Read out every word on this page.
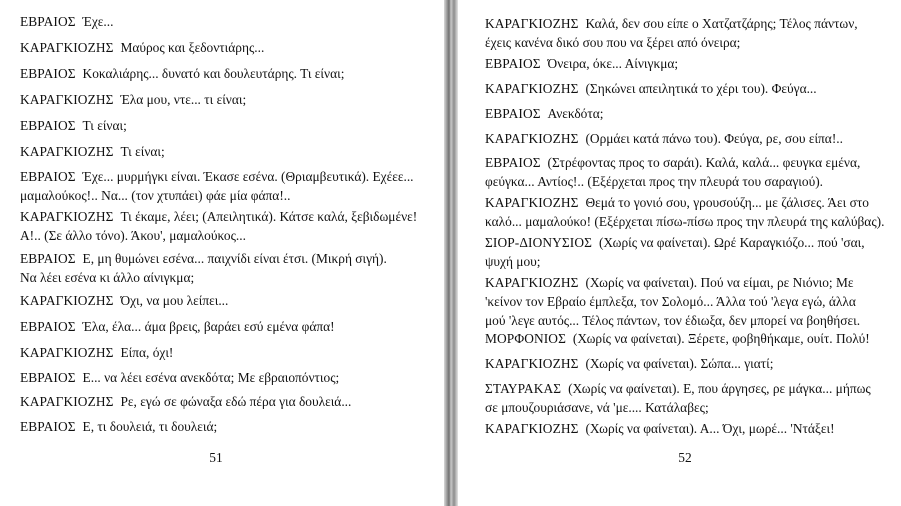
ΕΒΡΑΙΟΣ Έχε...
ΚΑΡΑΓΚΙΟΖΗΣ Μαύρος και ξεδοντιάρης...
ΕΒΡΑΙΟΣ Κοκαλιάρης... δυνατό και δουλευτάρης. Τι είναι;
ΚΑΡΑΓΚΙΟΖΗΣ Έλα μου, ντε... τι είναι;
ΕΒΡΑΙΟΣ Τι είναι;
ΚΑΡΑΓΚΙΟΖΗΣ Τι είναι;
ΕΒΡΑΙΟΣ Έχε... μυρμήγκι είναι. Έκασε εσένα. (Θριαμβευτικά). Εχέεε...
μαμαλούκος!.. Να... (τον χτυπάει) φάε μία φάπα!..
ΚΑΡΑΓΚΙΟΖΗΣ Τι έκαμε, λέει; (Απειλητικά). Κάτσε καλά, ξεβιδωμένε!
Α!.. (Σε άλλο τόνο). Άκου', μαμαλούκος...
ΕΒΡΑΙΟΣ Ε, μη θυμώνει εσένα... παιχνίδι είναι έτσι. (Μικρή σιγή).
Να λέει εσένα κι άλλο αίνιγκμα;
ΚΑΡΑΓΚΙΟΖΗΣ Όχι, να μου λείπει...
ΕΒΡΑΙΟΣ Έλα, έλα... άμα βρεις, βαράει εσύ εμένα φάπα!
ΚΑΡΑΓΚΙΟΖΗΣ Είπα, όχι!
ΕΒΡΑΙΟΣ Ε... να λέει εσένα ανεκδότα; Με εβραιοπόντιος;
ΚΑΡΑΓΚΙΟΖΗΣ Ρε, εγώ σε φώναξα εδώ πέρα για δουλειά...
ΕΒΡΑΙΟΣ Ε, τι δουλειά, τι δουλειά;
51
ΚΑΡΑΓΚΙΟΖΗΣ Καλά, δεν σου είπε ο Χατζατζάρης; Τέλος πάντων,
έχεις κανένα δικό σου που να ξέρει από όνειρα;
ΕΒΡΑΙΟΣ Όνειρα, όκε... Αίνιγκμα;
ΚΑΡΑΓΚΙΟΖΗΣ (Σηκώνει απειλητικά το χέρι του). Φεύγα...
ΕΒΡΑΙΟΣ Ανεκδότα;
ΚΑΡΑΓΚΙΟΖΗΣ (Ορμάει κατά πάνω του). Φεύγα, ρε, σου είπα!..
ΕΒΡΑΙΟΣ (Στρέφοντας προς το σαράι). Καλά, καλά... φευγκα εμένα,
φεύγκα... Αντίος!.. (Εξέρχεται προς την πλευρά του σαραγιού).
ΚΑΡΑΓΚΙΟΖΗΣ Θεμά το γονιό σου, γρουσούζη... με ζάλισες. Άει στο
καλό... μαμαλούκο! (Εξέρχεται πίσω-πίσω προς την πλευρά της καλύβας).
ΣΙΟΡ-ΔΙΟΝΥΣΙΟΣ (Χωρίς να φαίνεται). Ωρέ Καραγκιόζο... πού 'σαι,
ψυχή μου;
ΚΑΡΑΓΚΙΟΖΗΣ (Χωρίς να φαίνεται). Πού να είμαι, ρε Νιόνιο; Με
'κείνον τον Εβραίο έμπλεξα, τον Σολομό... Άλλα τού 'λεγα εγώ, άλλα
μού 'λεγε αυτός... Τέλος πάντων, τον έδιωξα, δεν μπορεί να βοηθήσει.
ΜΟΡΦΟΝΙΟΣ (Χωρίς να φαίνεται). Ξέρετε, φοβηθήκαμε, ουίτ. Πολύ!
ΚΑΡΑΓΚΙΟΖΗΣ (Χωρίς να φαίνεται). Σώπα... γιατί;
ΣΤΑΥΡΑΚΑΣ (Χωρίς να φαίνεται). Ε, που άργησες, ρε μάγκα... μήπως
σε μπουζουριάσανε, νά 'με.... Κατάλαβες;
ΚΑΡΑΓΚΙΟΖΗΣ (Χωρίς να φαίνεται). Α... Όχι, μωρέ... 'Ντάξει!
52
